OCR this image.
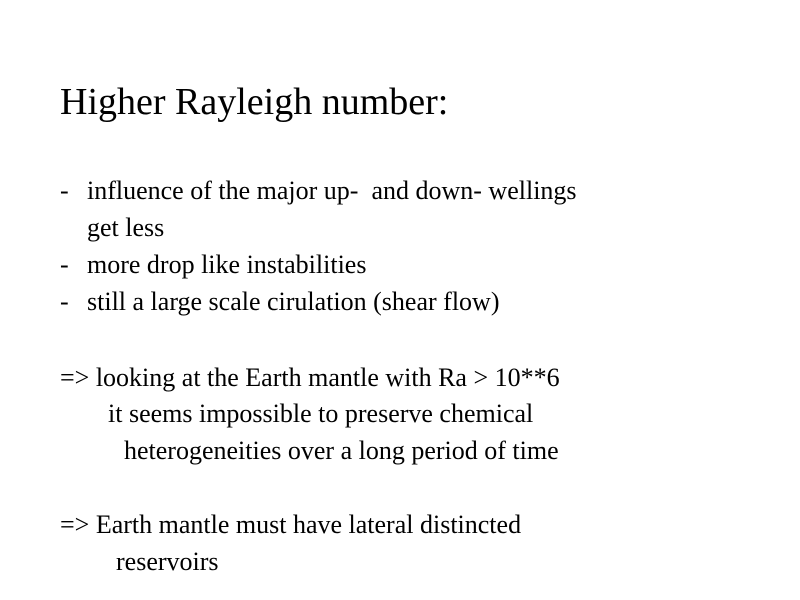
Higher Rayleigh number:
- influence of the major up-  and down- wellings
get less
- more drop like instabilities
- still a large scale cirulation (shear flow)
=> looking at the Earth mantle with Ra > 10**6
it seems impossible to preserve chemical
heterogeneities over a long period of time
=> Earth mantle must have lateral distincted
reservoirs
